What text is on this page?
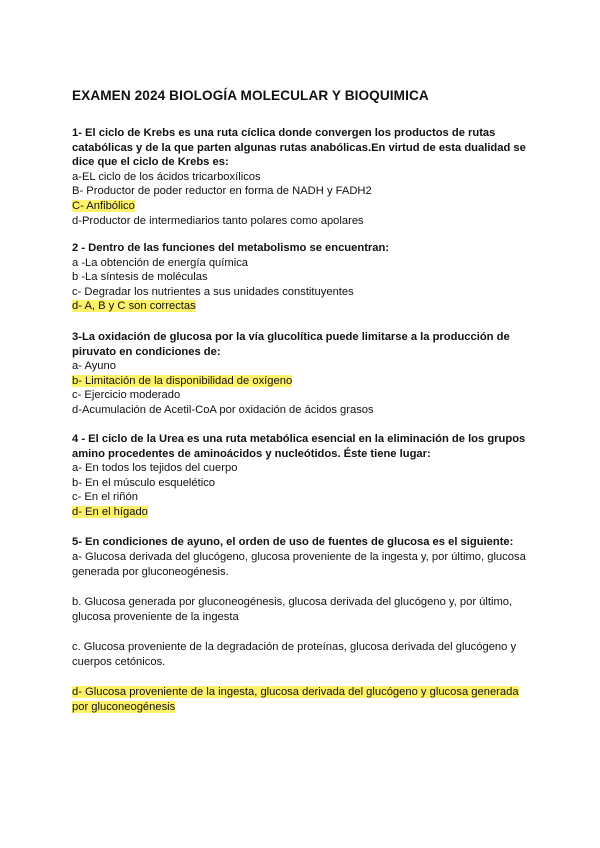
EXAMEN 2024 BIOLOGÍA MOLECULAR Y BIOQUIMICA

1- El ciclo de Krebs es una ruta cíclica donde convergen los productos de rutas catabólicas y de la que parten algunas rutas anabólicas.En virtud de esta dualidad se dice que el ciclo de Krebs es:

a-EL ciclo de los ácidos tricarboxílicos
B- Productor de poder reductor en forma de NADH y FADH2
C- Anfibólico
d-Productor de intermediarios tanto polares como apolares

2 - Dentro de las funciones del metabolismo se encuentran:

a -La obtención de energía química
b -La síntesis de moléculas
c- Degradar los nutrientes a sus unidades constituyentes
d- A, B y C son correctas

3-La oxidación de glucosa por la vía glucolítica puede limitarse a la producción de piruvato en condiciones de:

a- Ayuno
b- Limitación de la disponibilidad de oxígeno
c- Ejercicio moderado
d-Acumulación de Acetil-CoA por oxidación de ácidos grasos

4 - El ciclo de la Urea es una ruta metabólica esencial en la eliminación de los grupos amino procedentes de aminoácidos y nucleótidos. Éste tiene lugar:

a- En todos los tejidos del cuerpo
b- En el músculo esquelético
c- En el riñón
d- En el hígado

5- En condiciones de ayuno, el orden de uso de fuentes de glucosa es el siguiente:

a- Glucosa derivada del glucógeno, glucosa proveniente de la ingesta y, por último, glucosa generada por gluconeogénesis.

b. Glucosa generada por gluconeogénesis, glucosa derivada del glucógeno y, por último, glucosa proveniente de la ingesta

c. Glucosa proveniente de la degradación de proteínas, glucosa derivada del glucógeno y cuerpos cetónicos.

d- Glucosa proveniente de la ingesta, glucosa derivada del glucógeno y glucosa generada por gluconeogénesis
